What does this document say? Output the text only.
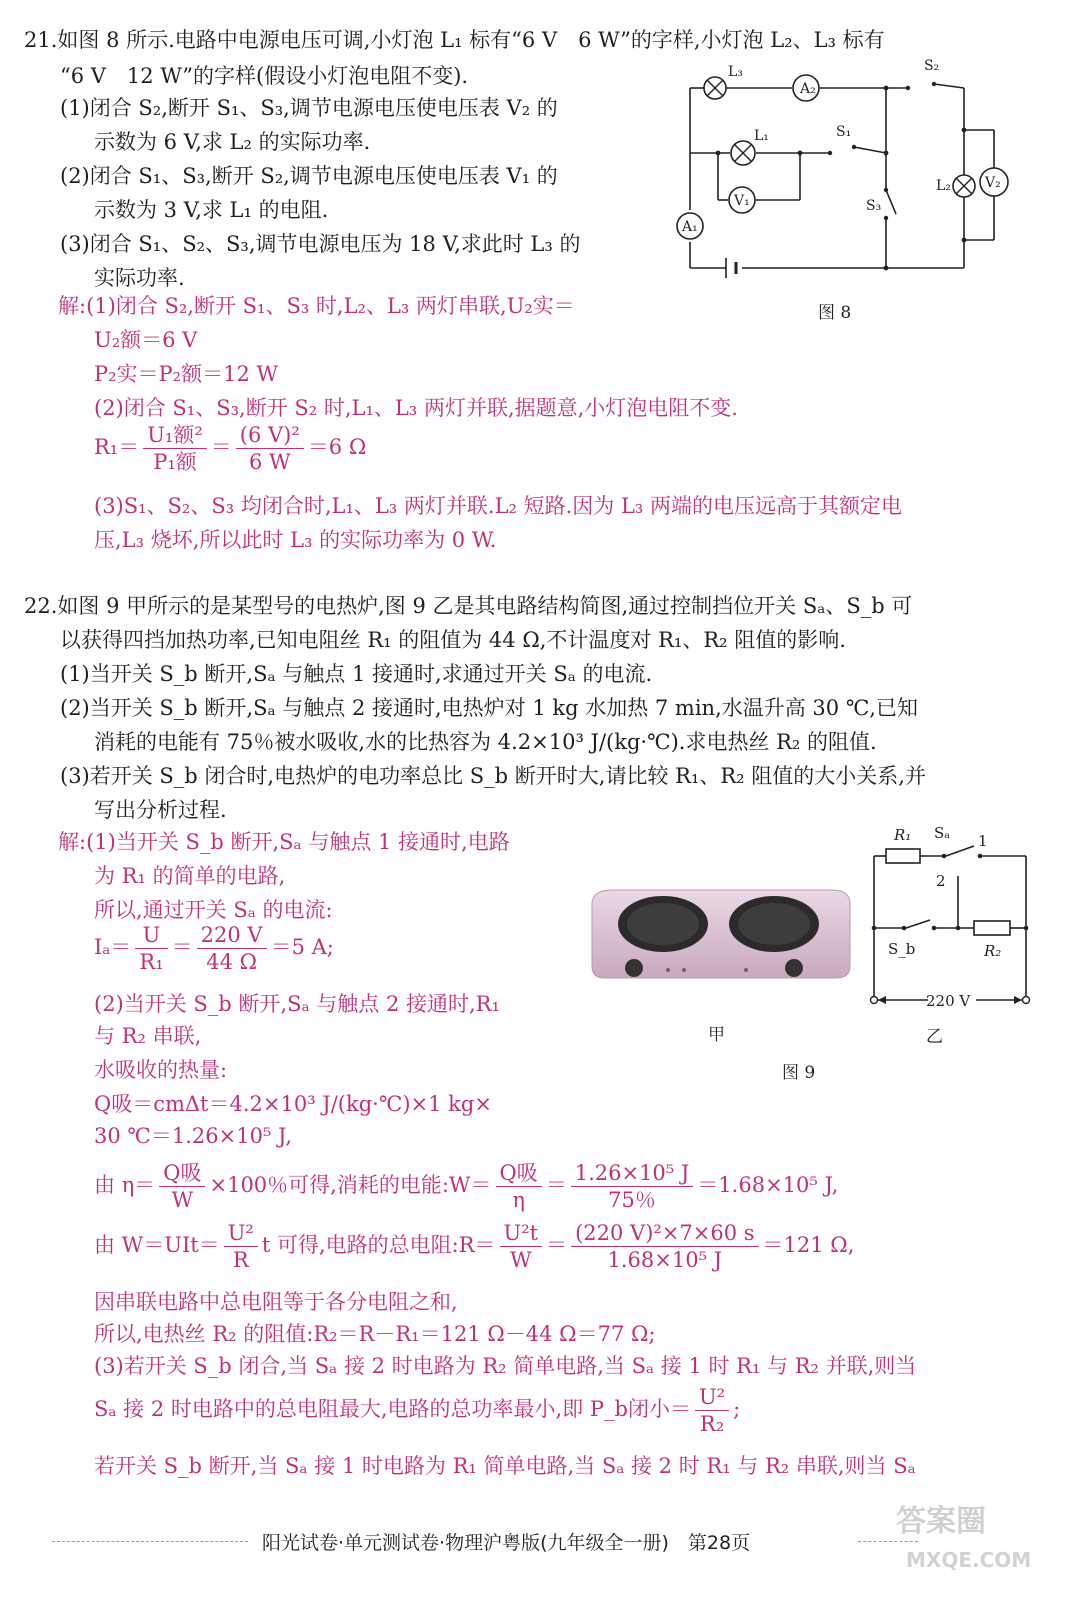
21.如图 8 所示.电路中电源电压可调,小灯泡 L₁ 标有“6 V　6 W”的字样,小灯泡 L₂、L₃ 标有
“6 V　12 W”的字样(假设小灯泡电阻不变).
(1)闭合 S₂,断开 S₁、S₃,调节电源电压使电压表 V₂ 的
示数为 6 V,求 L₂ 的实际功率.
(2)闭合 S₁、S₃,断开 S₂,调节电源电压使电压表 V₁ 的
示数为 3 V,求 L₁ 的电阻.
(3)闭合 S₁、S₂、S₃,调节电源电压为 18 V,求此时 L₃ 的
实际功率.
A₂
V₁
A₁
V₂
L₃	S₂
L₁	S₁
S₃
L₂
图 8
解:(1)闭合 S₂,断开 S₁、S₃ 时,L₂、L₃ 两灯串联,U₂实＝
U₂额＝6 V
P₂实＝P₂额＝12 W
(2)闭合 S₁、S₃,断开 S₂ 时,L₁、L₃ 两灯并联,据题意,小灯泡电阻不变.
$R_1= \frac{\text{U₁额²}}{\text{P₁额}} = \frac{\text{(6 V)²}}{6 W} =6$ Ω
(3)S₁、S₂、S₃ 均闭合时,L₁、L₃ 两灯并联.L₂ 短路.因为 L₃ 两端的电压远高于其额定电
压,L₃ 烧坏,所以此时 L₃ 的实际功率为 0 W.
22.如图 9 甲所示的是某型号的电热炉,图 9 乙是其电路结构简图,通过控制挡位开关 Sₐ、S_b 可
以获得四挡加热功率,已知电阻丝 R₁ 的阻值为 44 Ω,不计温度对 R₁、R₂ 阻值的影响.
(1)当开关 S_b 断开,Sₐ 与触点 1 接通时,求通过开关 Sₐ 的电流.
(2)当开关 S_b 断开,Sₐ 与触点 2 接通时,电热炉对 1 kg 水加热 7 min,水温升高 30 ℃,已知
消耗的电能有 75％被水吸收,水的比热容为 4.2×10³ J/(kg·℃).求电热丝 R₂ 的阻值.
(3)若开关 S_b 闭合时,电热炉的电功率总比 S_b 断开时大,请比较 R₁、R₂ 阻值的大小关系,并
写出分析过程.
解:(1)当开关 S_b 断开,Sₐ 与触点 1 接通时,电路
为 R₁ 的简单的电路,
所以,通过开关 Sₐ 的电流:
$I_a= \frac{U}{\text{R₁}} = \frac{220 V}{44 \Omega} =5$ A;
(2)当开关 S_b 断开,Sₐ 与触点 2 接通时,R₁
与 R₂ 串联,
水吸收的热量:
Q吸＝cmΔt＝4.2×10³ J/(kg·℃)×1 kg×
30 ℃＝1.26×10⁵ J,
甲
R₁ Sₐ 1
2
S_b	R₂
220 V
乙
图 9
由 $\eta= \frac{\text{Q吸}}{W} \times 100$％可得,消耗的电能:W＝ $\frac{\text{Q吸}}{\eta} = \frac{\text{1.26×10⁵ J}}{75\%} =1.68\times 10^5$ J,
由 $W=UIt= \frac{\text{U²}}{R}$ t 可得,电路的总电阻:R＝ $\frac{\text{U²t}}{W} = \frac{\text{(220 V)²×7×60 s}}{\text{1.68×10⁵ J}} =121$ Ω,
因串联电路中总电阻等于各分电阻之和,
所以,电热丝 R₂ 的阻值:R₂＝R－R₁＝121 Ω－44 Ω＝77 Ω;
(3)若开关 S_b 闭合,当 Sₐ 接 2 时电路为 R₂ 简单电路,当 Sₐ 接 1 时 R₁ 与 R₂ 并联,则当
Sₐ 接 2 时电路中的总电阻最大,电路的总功率最小,即 P_b闭小＝ $\frac{\text{U²}}{\text{R₂}}$ ;
若开关 S_b 断开,当 Sₐ 接 1 时电路为 R₁ 简单电路,当 Sₐ 接 2 时 R₁ 与 R₂ 串联,则当 Sₐ
阳光试卷·单元测试卷·物理沪粤版(九年级全一册)　第28页
答案圈
MXQE.COM
